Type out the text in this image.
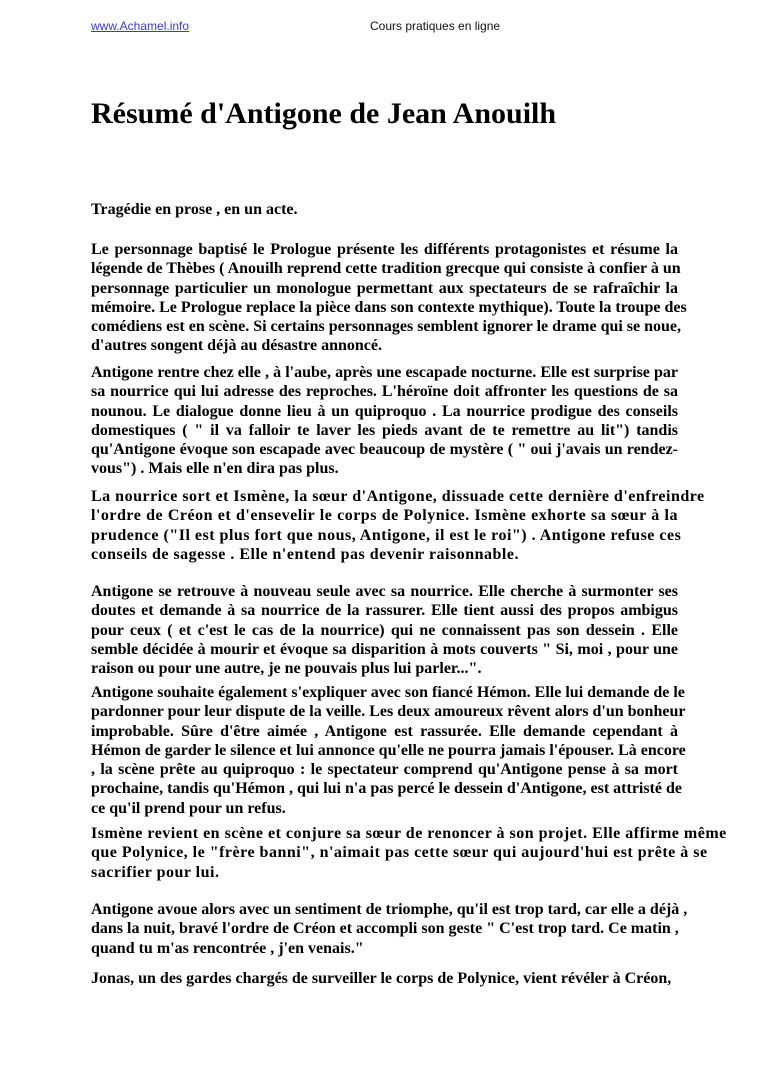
www.Achamel.info	Cours pratiques en ligne
Résumé d'Antigone de Jean Anouilh
Tragédie en prose , en un acte.
Le personnage baptisé le Prologue présente les différents protagonistes et résume la
légende de Thèbes ( Anouilh reprend cette tradition grecque qui consiste à confier à un
personnage particulier un monologue permettant aux spectateurs de se rafraîchir la
mémoire. Le Prologue replace la pièce dans son contexte mythique). Toute la troupe des
comédiens est en scène. Si certains personnages semblent ignorer le drame qui se noue,
d'autres songent déjà au désastre annoncé.
Antigone rentre chez elle , à l'aube, après une escapade nocturne. Elle est surprise par
sa nourrice qui lui adresse des reproches. L'héroïne doit affronter les questions de sa
nounou. Le dialogue donne lieu à un quiproquo . La nourrice prodigue des conseils
domestiques ( " il va falloir te laver les pieds avant de te remettre au lit") tandis
qu'Antigone évoque son escapade avec beaucoup de mystère ( " oui j'avais un rendez-
vous") . Mais elle n'en dira pas plus.
La nourrice sort et Ismène, la sœur d'Antigone, dissuade cette dernière d'enfreindre
l'ordre de Créon et d'ensevelir le corps de Polynice. Ismène exhorte sa sœur à la
prudence ("Il est plus fort que nous, Antigone, il est le roi") . Antigone refuse ces
conseils de sagesse . Elle n'entend pas devenir raisonnable.
Antigone se retrouve à nouveau seule avec sa nourrice. Elle cherche à surmonter ses
doutes et demande à sa nourrice de la rassurer. Elle tient aussi des propos ambigus
pour ceux ( et c'est le cas de la nourrice) qui ne connaissent pas son dessein . Elle
semble décidée à mourir et évoque sa disparition à mots couverts " Si, moi , pour une
raison ou pour une autre, je ne pouvais plus lui parler...".
Antigone souhaite également s'expliquer avec son fiancé Hémon. Elle lui demande de le
pardonner pour leur dispute de la veille. Les deux amoureux rêvent alors d'un bonheur
improbable. Sûre d'être aimée , Antigone est rassurée. Elle demande cependant à
Hémon de garder le silence et lui annonce qu'elle ne pourra jamais l'épouser. Là encore
, la scène prête au quiproquo : le spectateur comprend qu'Antigone pense à sa mort
prochaine, tandis qu'Hémon , qui lui n'a pas percé le dessein d'Antigone, est attristé de
ce qu'il prend pour un refus.
Ismène revient en scène et conjure sa sœur de renoncer à son projet. Elle affirme même
que Polynice, le "frère banni", n'aimait pas cette sœur qui aujourd'hui est prête à se
sacrifier pour lui.
Antigone avoue alors avec un sentiment de triomphe, qu'il est trop tard, car elle a déjà ,
dans la nuit, bravé l'ordre de Créon et accompli son geste " C'est trop tard. Ce matin ,
quand tu m'as rencontrée , j'en venais."
Jonas, un des gardes chargés de surveiller le corps de Polynice, vient révéler à Créon,
